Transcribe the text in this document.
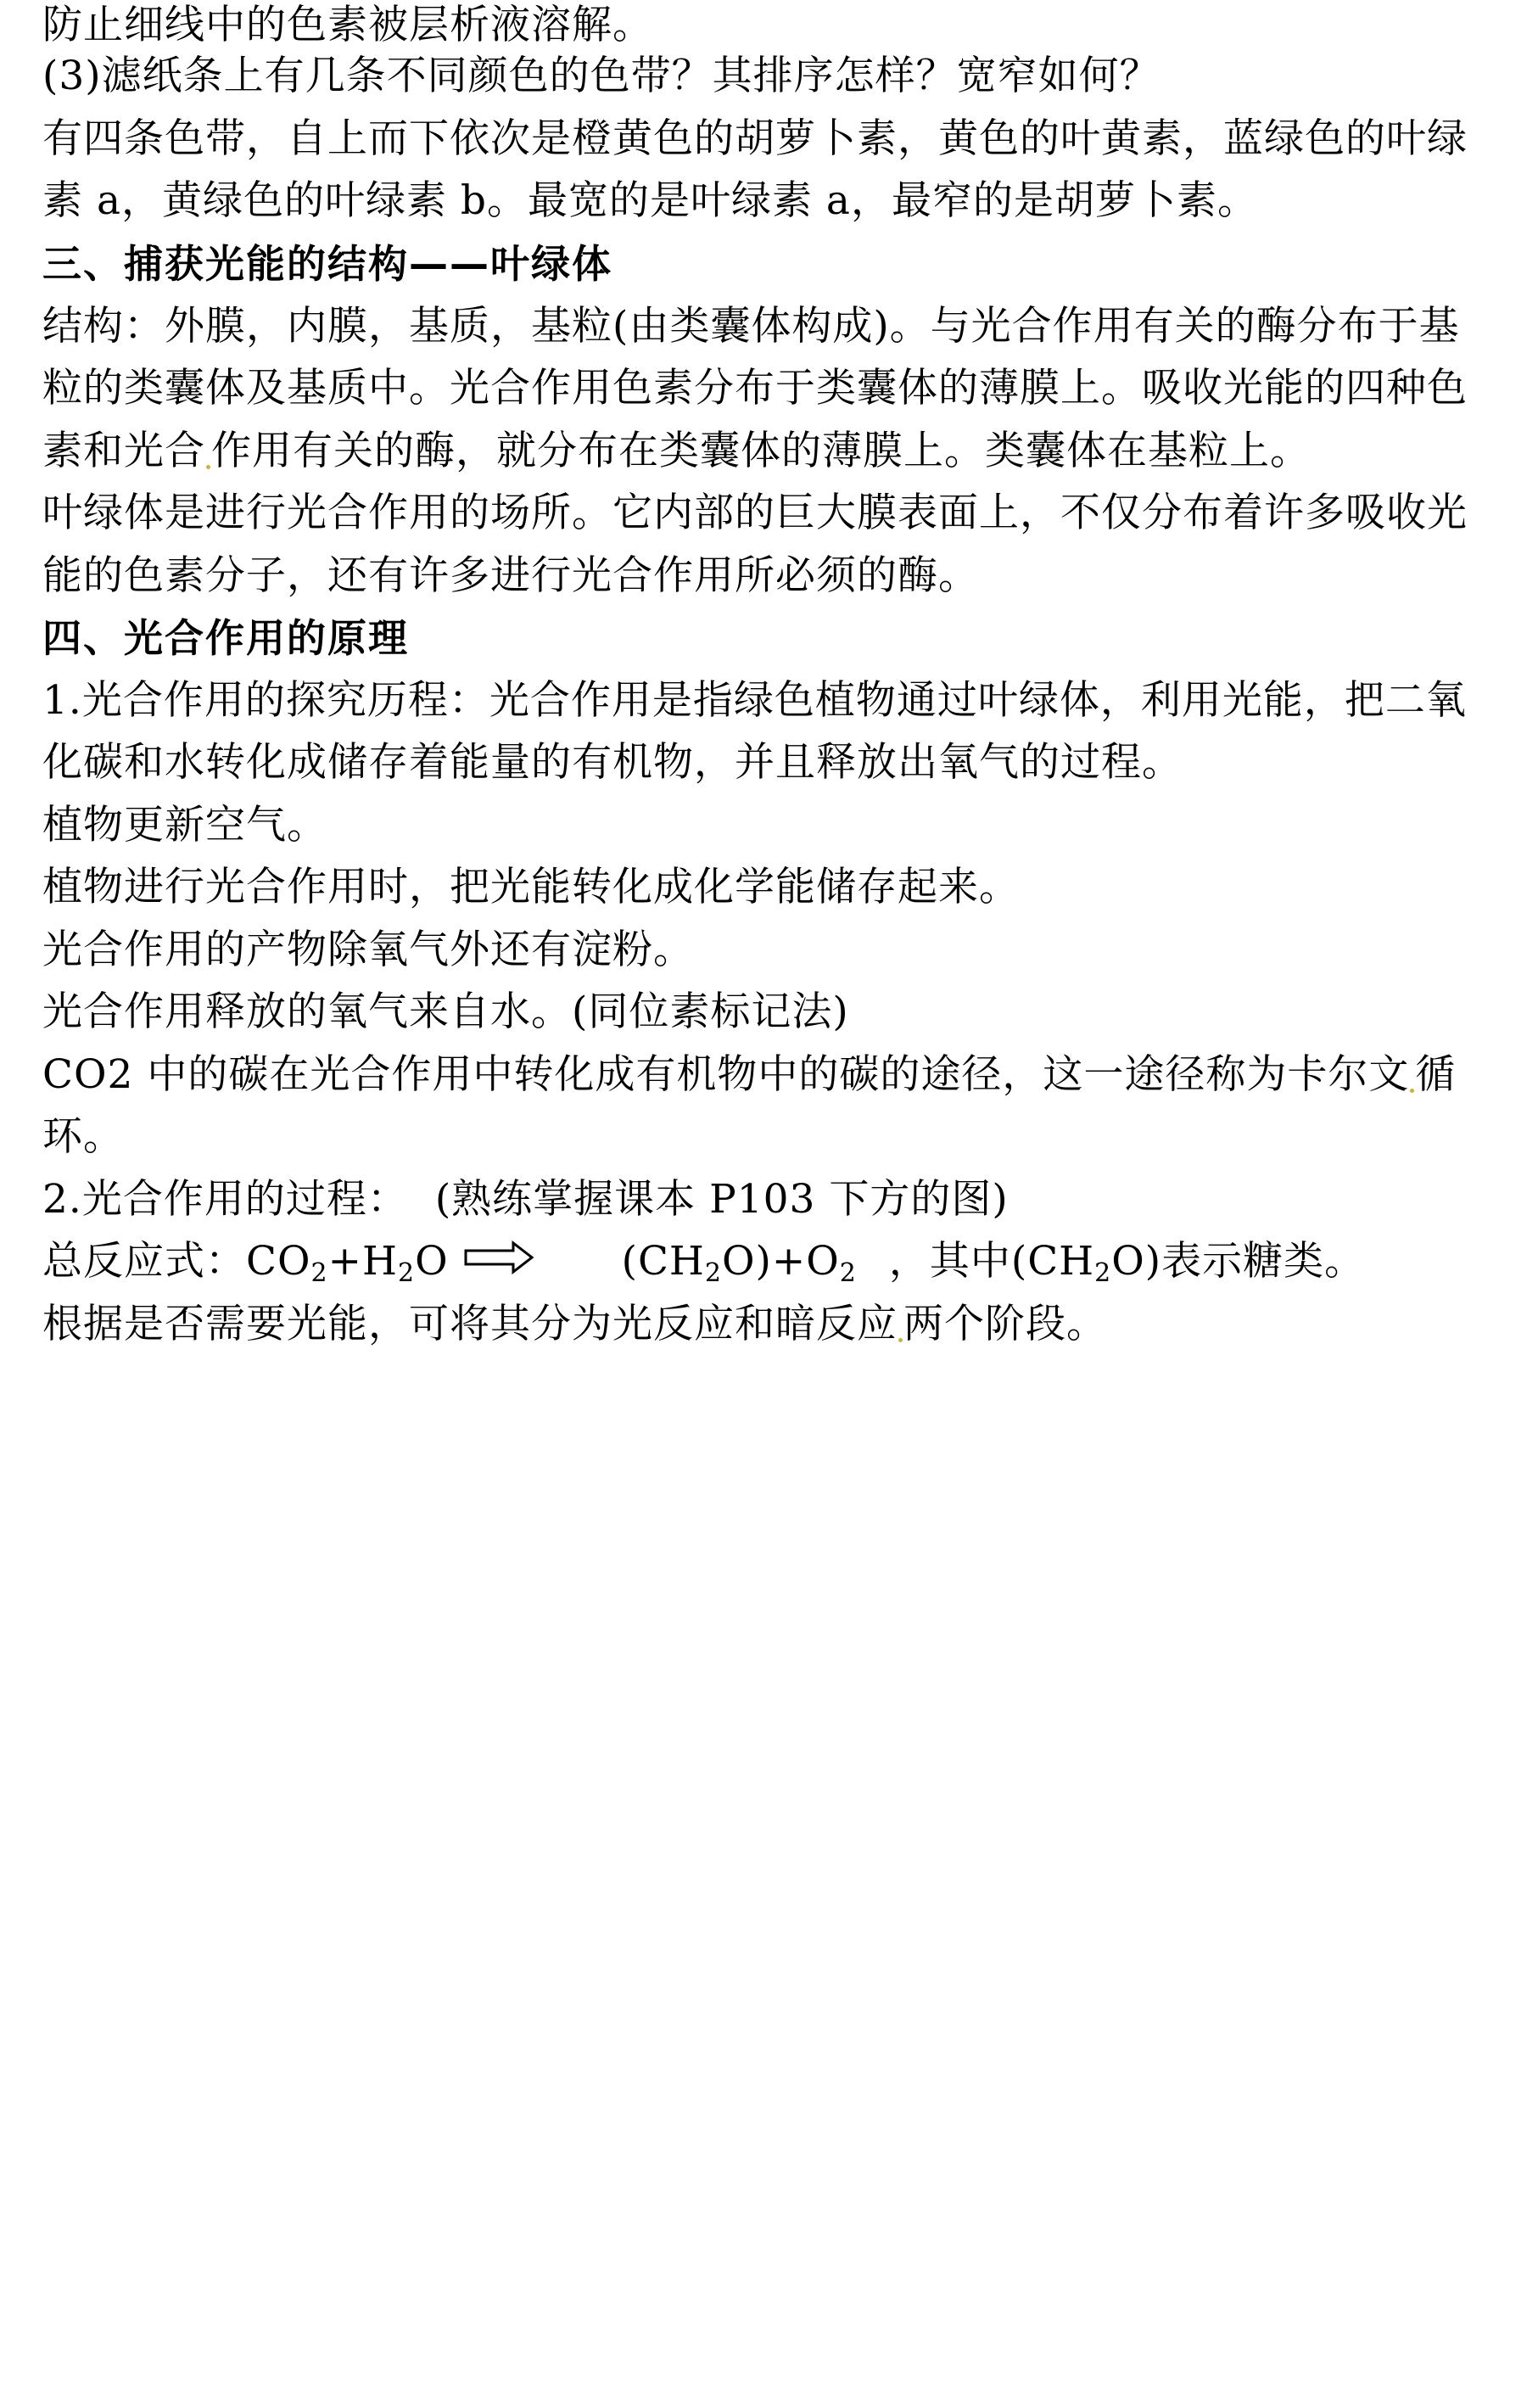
防止细线中的色素被层析液溶解。
(3)滤纸条上有几条不同颜色的色带？其排序怎样？宽窄如何？
有四条色带，自上而下依次是橙黄色的胡萝卜素，黄色的叶黄素，蓝绿色的叶绿
素 a，黄绿色的叶绿素 b。最宽的是叶绿素 a，最窄的是胡萝卜素。
三、捕获光能的结构——叶绿体
结构：外膜，内膜，基质，基粒(由类囊体构成)。与光合作用有关的酶分布于基
粒的类囊体及基质中。光合作用色素分布于类囊体的薄膜上。吸收光能的四种色
素和光合 作用有关的酶，就分布在类囊体的薄膜上。类囊体在基粒上。
叶绿体是进行光合作用的场所。它内部的巨大膜表面上，不仅分布着许多吸收光
能的色素分子，还有许多进行光合作用所必须的酶。
四、光合作用的原理
1.光合作用的探究历程：光合作用是指绿色植物通过叶绿体，利用光能，把二氧
化碳和水转化成储存着能量的有机物，并且释放出氧气的过程。
植物更新空气。
植物进行光合作用时，把光能转化成化学能储存起来。
光合作用的产物除氧气外还有淀粉。
光合作用释放的氧气来自水。(同位素标记法)
CO2 中的碳在光合作用中转化成有机物中的碳的途径，这一途径称为卡尔文 循
环。
2.光合作用的过程： (熟练掌握课本 P103 下方的图)
总反应式：$CO_2+H_2O$	$(CH_2O)+O_2$ ，其中$(CH_2O)$表示糖类。
根据是否需要光能，可将其分为光反应和暗反应 两个阶段。
